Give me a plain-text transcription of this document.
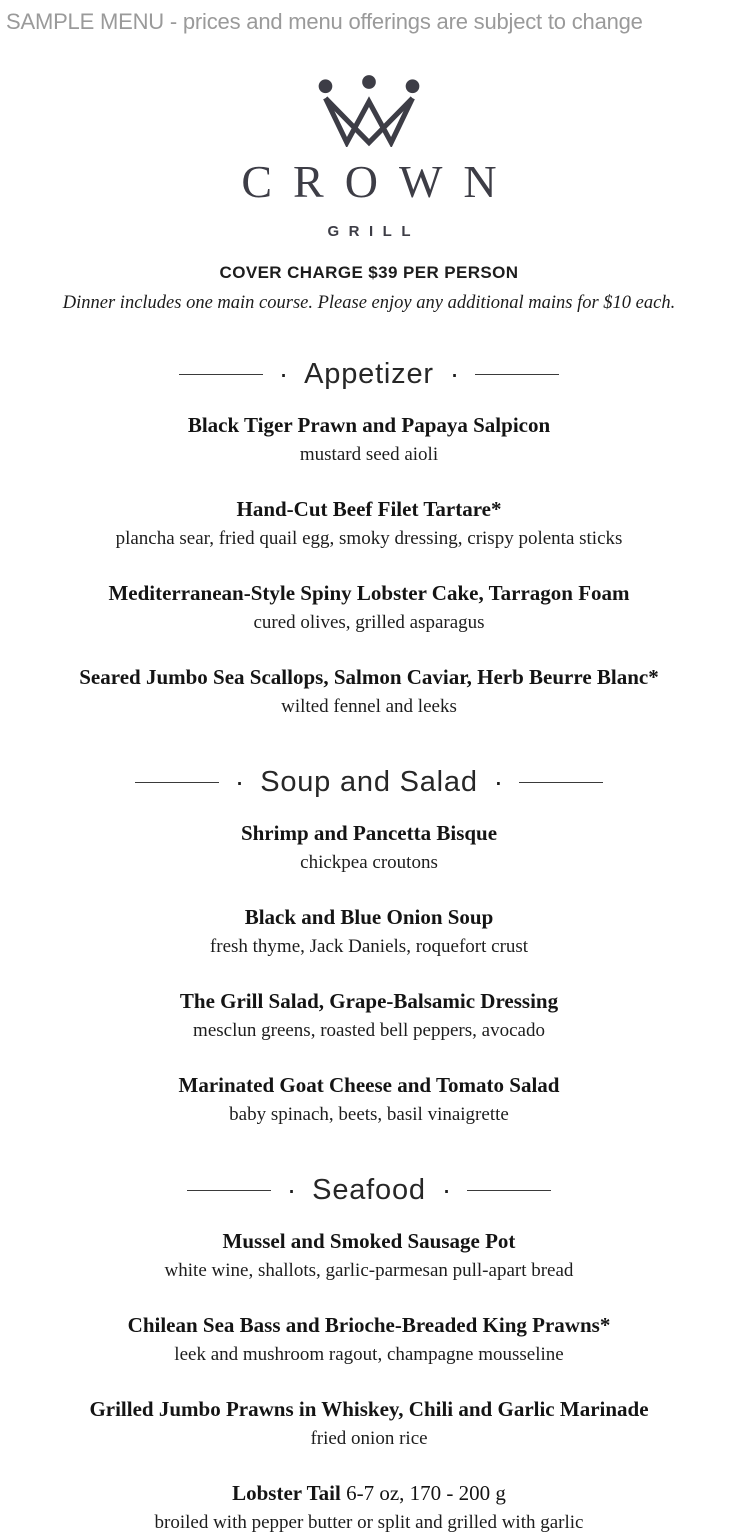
SAMPLE MENU - prices and menu offerings are subject to change
CROWN
GRILL
COVER CHARGE $39 PER PERSON
Dinner includes one main course. Please enjoy any additional mains for $10 each.
· Appetizer ·
Black Tiger Prawn and Papaya Salpicon
mustard seed aioli
Hand-Cut Beef Filet Tartare*
plancha sear, fried quail egg, smoky dressing, crispy polenta sticks
Mediterranean-Style Spiny Lobster Cake, Tarragon Foam
cured olives, grilled asparagus
Seared Jumbo Sea Scallops, Salmon Caviar, Herb Beurre Blanc*
wilted fennel and leeks
· Soup and Salad ·
Shrimp and Pancetta Bisque
chickpea croutons
Black and Blue Onion Soup
fresh thyme, Jack Daniels, roquefort crust
The Grill Salad, Grape-Balsamic Dressing
mesclun greens, roasted bell peppers, avocado
Marinated Goat Cheese and Tomato Salad
baby spinach, beets, basil vinaigrette
· Seafood ·
Mussel and Smoked Sausage Pot
white wine, shallots, garlic-parmesan pull-apart bread
Chilean Sea Bass and Brioche-Breaded King Prawns*
leek and mushroom ragout, champagne mousseline
Grilled Jumbo Prawns in Whiskey, Chili and Garlic Marinade
fried onion rice
Lobster Tail 6-7 oz, 170 - 200 g
broiled with pepper butter or split and grilled with garlic
